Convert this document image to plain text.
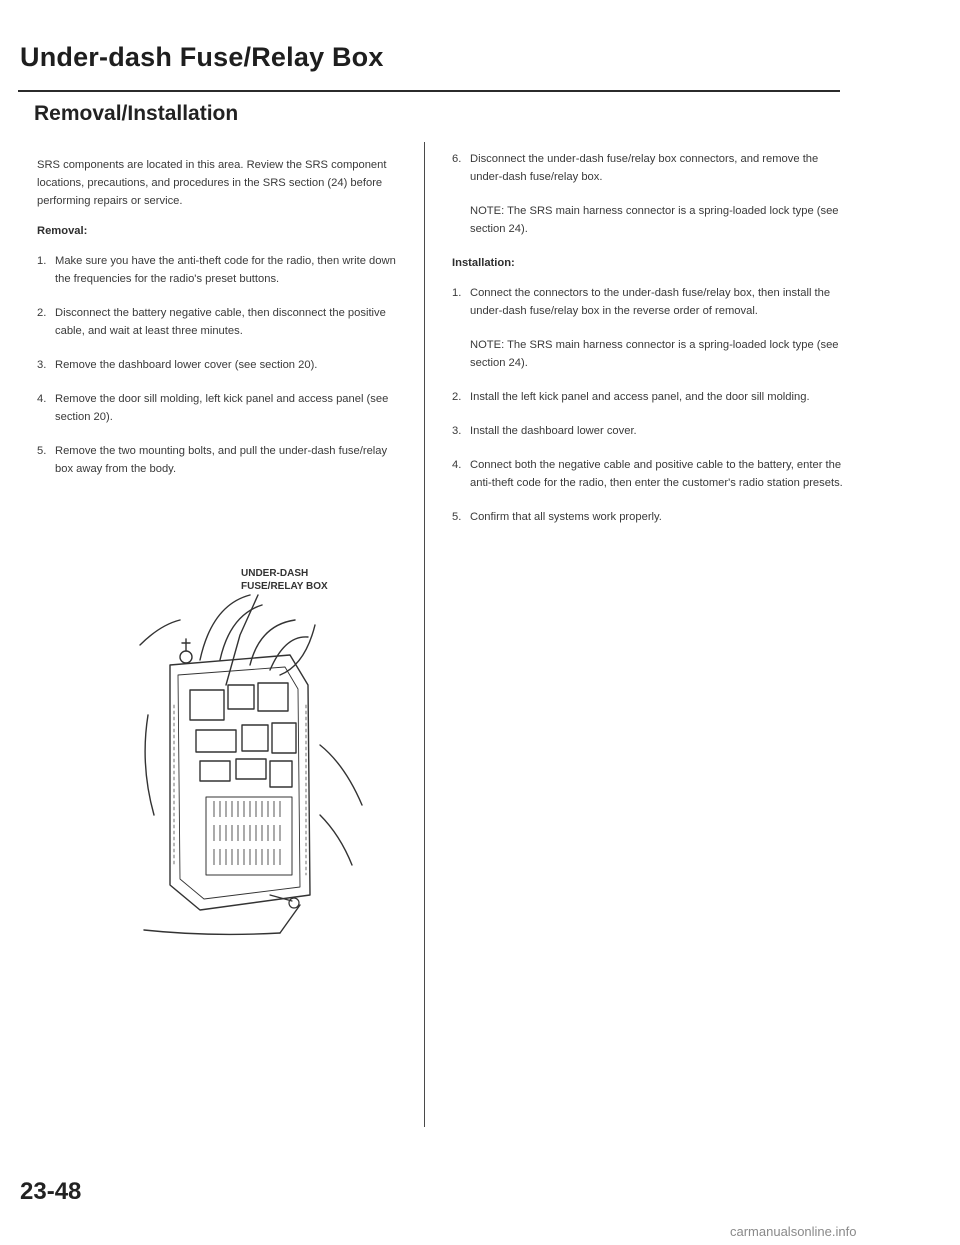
Under-dash Fuse/Relay Box
Removal/Installation

SRS components are located in this area. Review the SRS component locations, precautions, and procedures in the SRS section (24) before performing repairs or service.

Removal:

1. Make sure you have the anti-theft code for the radio, then write down the frequencies for the radio's preset buttons.
2. Disconnect the battery negative cable, then disconnect the positive cable, and wait at least three minutes.
3. Remove the dashboard lower cover (see section 20).
4. Remove the door sill molding, left kick panel and access panel (see section 20).
5. Remove the two mounting bolts, and pull the under-dash fuse/relay box away from the body.
6. Disconnect the under-dash fuse/relay box connectors, and remove the under-dash fuse/relay box.

NOTE: The SRS main harness connector is a spring-loaded lock type (see section 24).

Installation:

1. Connect the connectors to the under-dash fuse/relay box, then install the under-dash fuse/relay box in the reverse order of removal.

NOTE: The SRS main harness connector is a spring-loaded lock type (see section 24).

2. Install the left kick panel and access panel, and the door sill molding.
3. Install the dashboard lower cover.
4. Connect both the negative cable and positive cable to the battery, enter the anti-theft code for the radio, then enter the customer's radio station presets.
5. Confirm that all systems work properly.
UNDER-DASH
FUSE/RELAY BOX

23-48

carmanualsonline.info
